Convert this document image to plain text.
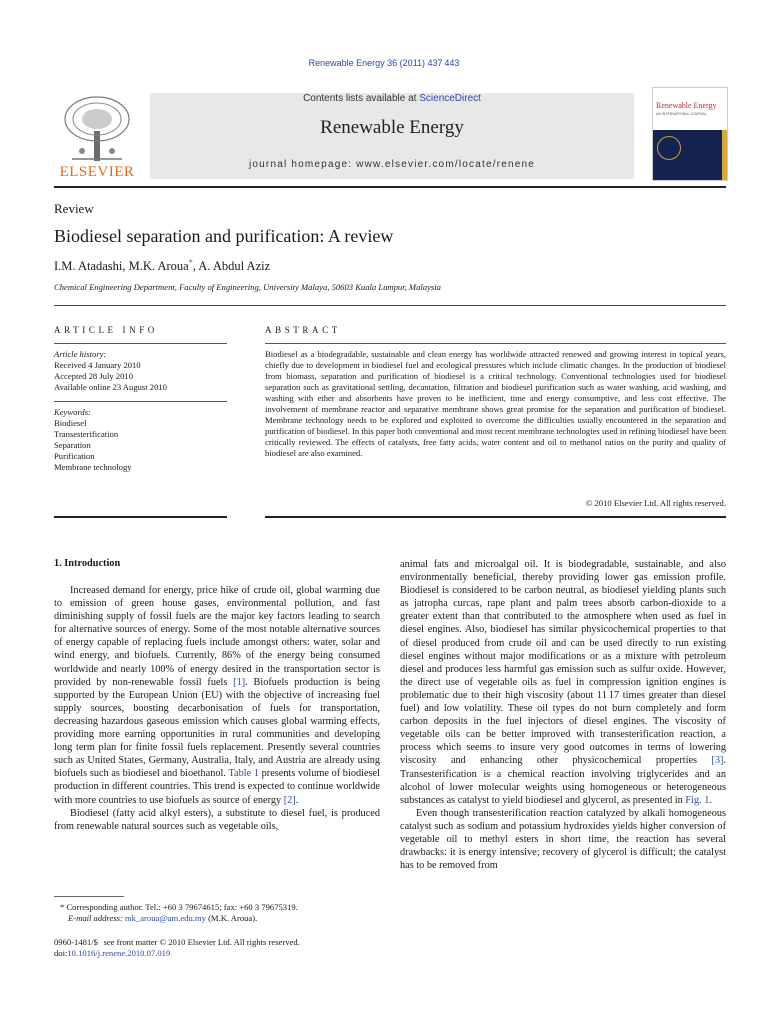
Renewable Energy 36 (2011) 437 443
ELSEVIER
Contents lists available at ScienceDirect
Renewable Energy
journal homepage: www.elsevier.com/locate/renene
Renewable Energy
AN INTERNATIONAL JOURNAL
Review
Biodiesel separation and purification: A review
I.M. Atadashi, M.K. Aroua*, A. Abdul Aziz
Chemical Engineering Department, Faculty of Engineering, University Malaya, 50603 Kuala Lumpur, Malaysia
ARTICLE INFO
Article history:
Received 4 January 2010
Accepted 28 July 2010
Available online 23 August 2010
Keywords:
Biodiesel
Transesterification
Separation
Purification
Membrane technology
ABSTRACT
Biodiesel as a biodegradable, sustainable and clean energy has worldwide attracted renewed and growing interest in topical years, chiefly due to development in biodiesel fuel and ecological pressures which include climatic changes. In the production of biodiesel from biomass, separation and purification of biodiesel is a critical technology. Conventional technologies used for biodiesel separation such as gravitational settling, decantation, filtration and biodiesel purification such as water washing, acid washing, and washing with ether and absorbents have proven to be inefficient, time and energy consumptive, and less cost effective. The involvement of membrane reactor and separative membrane shows great promise for the separation and purification of biodiesel. Membrane technology needs to be explored and exploited to overcome the difficulties usually encountered in the separation and purification of biodiesel. In this paper both conventional and most recent membrane technologies used in refining biodiesel have been critically reviewed. The effects of catalysts, free fatty acids, water content and oil to methanol ratios on the purity and quality of biodiesel are also examined.
© 2010 Elsevier Ltd. All rights reserved.
1. Introduction

Increased demand for energy, price hike of crude oil, global warming due to emission of green house gases, environmental pollution, and fast diminishing supply of fossil fuels are the major key factors leading to search for alternative sources of energy. Some of the most notable alternative sources of energy capable of replacing fuels include amongst others: water, solar and wind energy, and biofuels. Currently, 86% of the energy being consumed worldwide and nearly 100% of energy desired in the transportation sector is provided by non-renewable fossil fuels [1]. Biofuels production is being supported by the European Union (EU) with the objective of increasing fuel supply sources, boosting decarbonisation of fuels for transportation, decreasing hazardous gaseous emission which causes global warming effects, providing more earning opportunities in rural communities and developing long term plan for finite fossil fuels replacement. Presently several countries such as United States, Germany, Australia, Italy, and Austria are already using biofuels such as biodiesel and bioethanol. Table 1 presents volume of biodiesel production in different countries. This trend is expected to continue worldwide with more countries to use biofuels as source of energy [2].

Biodiesel (fatty acid alkyl esters), a substitute to diesel fuel, is produced from renewable natural sources such as vegetable oils,

animal fats and microalgal oil. It is biodegradable, sustainable, and also environmentally beneficial, thereby providing lower gas emission profile. Biodiesel is considered to be carbon neutral, as biodiesel yielding plants such as jatropha curcas, rape plant and palm trees absorb carbon-dioxide to a greater extent than that contributed to the atmosphere when used as fuel in diesel engines. Also, biodiesel has similar physicochemical properties to that of diesel produced from crude oil and can be used directly to run existing diesel engines without major modifications or as a mixture with petroleum diesel and produces less harmful gas emission such as sulfur oxide. However, the direct use of vegetable oils as fuel in compression ignition engines is problematic due to their high viscosity (about 11 17 times greater than diesel fuel) and low volatility. These oil types do not burn completely and form carbon deposits in the fuel injectors of diesel engines. The viscosity of vegetable oils can be better improved with transesterification reaction, a process which seems to insure very good outcomes in terms of lowering viscosity and enhancing other physicochemical properties [3]. Transesterification is a chemical reaction involving triglycerides and an alcohol of lower molecular weights using homogeneous or heterogeneous substances as catalyst to yield biodiesel and glycerol, as presented in Fig. 1.

Even though transesterification reaction catalyzed by alkali homogeneous catalyst such as sodium and potassium hydroxides yields higher conversion of vegetable oil to methyl esters in short time, the reaction has several drawbacks: it is energy intensive; recovery of glycerol is difficult; the catalyst has to be removed from

* Corresponding author. Tel.: +60 3 79674615; fax: +60 3 79675319.
E-mail address: mk_aroua@um.edu.my (M.K. Aroua).
0960-1481/$   see front matter © 2010 Elsevier Ltd. All rights reserved.
doi:10.1016/j.renene.2010.07.019
